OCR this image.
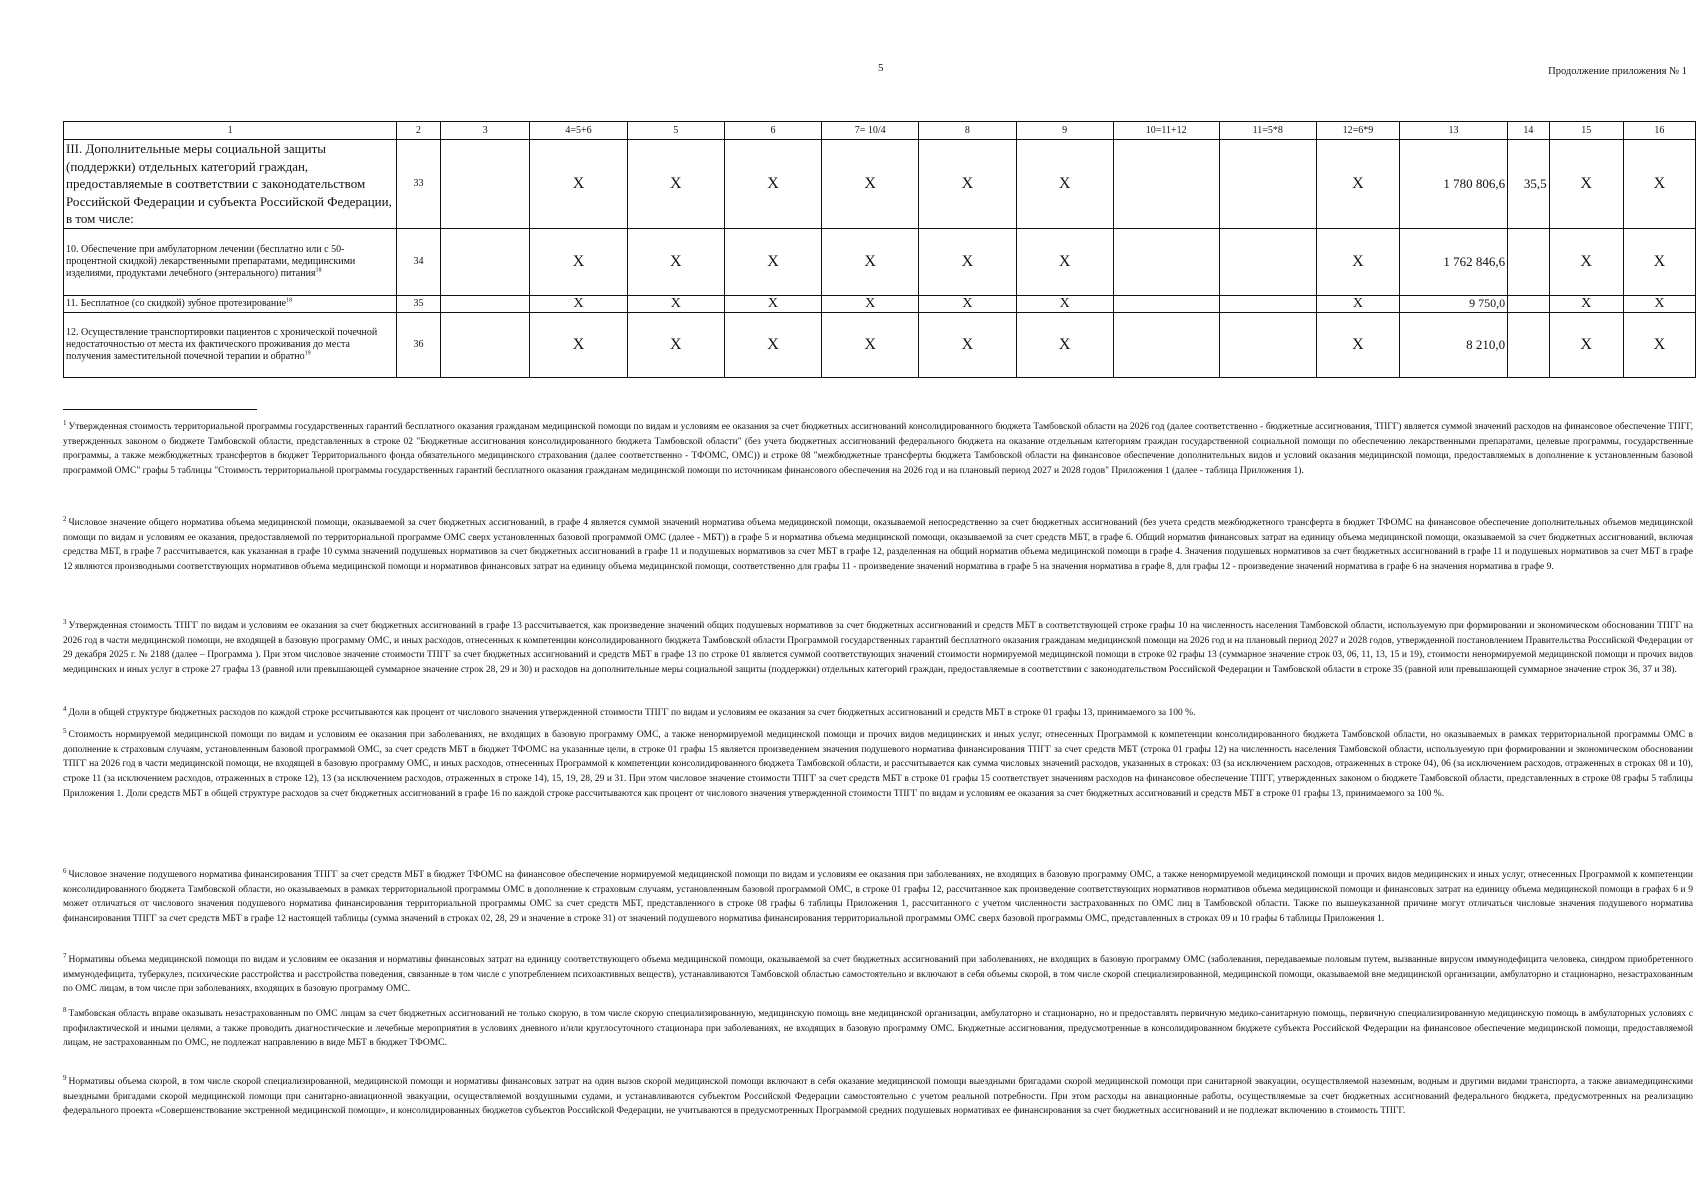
5	Продолжение приложения № 1
1	2	3	4=5+6	5	6	7= 10/4	8	9	10=11+12	11=5*8	12=6*9	13	14	15	16
III. Дополнительные меры социальной защиты (поддержки) отдельных категорий граждан, предоставляемые в соответствии с законодательством Российской Федерации и субъекта Российской Федерации, в том числе:	33		X	X	X	X	X	X			X	1 780 806,6	35,5	X	X
10. Обеспечение при амбулаторном лечении (бесплатно или с 50-процентной скидкой) лекарственными препаратами, медицинскими изделиями, продуктами лечебного (энтерального) питания$^{18}$	34		X	X	X	X	X	X			X	1 762 846,6		X	X
11. Бесплатное (со скидкой) зубное протезирование$^{18}$	35		X	X	X	X	X	X			X	9 750,0		X	X
12. Осуществление транспортировки пациентов с хронической почечной недостаточностью от места их фактического проживания до места получения заместительной почечной терапии и обратно$^{19}$	36		X	X	X	X	X	X			X	8 210,0		X	X

$^1$ Утвержденная стоимость территориальной программы государственных гарантий бесплатного оказания гражданам медицинской помощи по видам и условиям ее оказания за счет бюджетных ассигнований консолидированного бюджета Тамбовской области на 2026 год (далее соответственно - бюджетные ассигнования, ТПГГ) является суммой значений расходов на финансовое обеспечение ТПГГ, утвержденных законом о бюджете Тамбовской области, представленных в строке 02 "Бюджетные ассигнования консолидированного бюджета Тамбовской области" (без учета бюджетных ассигнований федерального бюджета на оказание отдельным категориям граждан государственной социальной помощи по обеспечению лекарственными препаратами, целевые программы, государственные программы, а также межбюджетных трансфертов в бюджет Территориального фонда обязательного медицинского страхования (далее соответственно - ТФОМС, ОМС)) и строке 08 "межбюджетные трансферты бюджета Тамбовской области на финансовое обеспечение дополнительных видов и условий оказания медицинской помощи, предоставляемых в дополнение к установленным базовой программой ОМС" графы 5 таблицы "Стоимость территориальной программы государственных гарантий бесплатного оказания гражданам медицинской помощи по источникам финансового обеспечения на 2026 год и на плановый период 2027 и 2028 годов" Приложения 1 (далее - таблица Приложения 1).

$^2$ Числовое значение общего норматива объема медицинской помощи, оказываемой за счет бюджетных ассигнований, в графе 4 является суммой значений норматива объема медицинской помощи, оказываемой непосредственно за счет бюджетных ассигнований (без учета средств межбюджетного трансферта в бюджет ТФОМС на финансовое обеспечение дополнительных объемов медицинской помощи по видам и условиям ее оказания, предоставляемой по территориальной программе ОМС сверх установленных базовой программой ОМС (далее - МБТ)) в графе 5 и норматива объема медицинской помощи, оказываемой за счет средств МБТ, в графе 6. Общий норматив финансовых затрат на единицу объема медицинской помощи, оказываемой за счет бюджетных ассигнований, включая средства МБТ, в графе 7 рассчитывается, как указанная в графе 10 сумма значений подушевых нормативов за счет бюджетных ассигнований в графе 11 и подушевых нормативов за счет МБТ в графе 12, разделенная на общий норматив объема медицинской помощи в графе 4. Значения подушевых нормативов за счет бюджетных ассигнований в графе 11 и подушевых нормативов за счет МБТ в графе 12 являются производными соответствующих нормативов объема медицинской помощи и нормативов финансовых затрат на единицу объема медицинской помощи, соответственно для графы 11 - произведение значений норматива в графе 5 на значения норматива в графе 8, для графы 12 - произведение значений норматива в графе 6 на значения норматива в графе 9.

$^3$ Утвержденная стоимость ТПГГ по видам и условиям ее оказания за счет бюджетных ассигнований в графе 13 рассчитывается, как произведение значений общих подушевых нормативов за счет бюджетных ассигнований и средств МБТ в соответствующей строке графы 10 на численность населения Тамбовской области, используемую при формировании и экономическом обосновании ТПГГ на 2026 год в части медицинской помощи, не входящей в базовую программу ОМС, и иных расходов, отнесенных к компетенции консолидированного бюджета Тамбовской области Программой государственных гарантий бесплатного оказания гражданам медицинской помощи на 2026 год и на плановый период 2027 и 2028 годов, утвержденной постановлением Правительства Российской Федерации от 29 декабря 2025 г. № 2188 (далее – Программа ). При этом числовое значение стоимости ТПГГ за счет бюджетных ассигнований и средств МБТ в графе 13 по строке 01 является суммой соответствующих значений стоимости нормируемой медицинской помощи в строке 02 графы 13 (суммарное значение строк 03, 06, 11, 13, 15 и 19), стоимости ненормируемой медицинской помощи и прочих видов медицинских и иных услуг в строке 27 графы 13 (равной или превышающей суммарное значение строк 28, 29 и 30) и расходов на дополнительные меры социальной защиты (поддержки) отдельных категорий граждан, предоставляемые в соответствии с законодательством Российской Федерации и Тамбовской области в строке 35 (равной или превышающей суммарное значение строк 36, 37 и 38).

$^4$ Доли в общей структуре бюджетных расходов по каждой строке рссчитываются как процент от числового значения утвержденной стоимости ТПГГ по видам и условиям ее оказания за счет бюджетных ассигнований и средств МБТ в строке 01 графы 13, принимаемого за 100 %.

$^5$ Стоимость нормируемой медицинской помощи по видам и условиям ее оказания при заболеваниях, не входящих в базовую программу ОМС, а также ненормируемой медицинской помощи и прочих видов медицинских и иных услуг, отнесенных Программой к компетенции консолидированного бюджета Тамбовской области, но оказываемых в рамках территориальной программы ОМС в дополнение к страховым случаям, установленным базовой программой ОМС, за счет средств МБТ в бюджет ТФОМС на указанные цели, в строке 01 графы 15 является произведением значения подушевого норматива финансирования ТПГГ за счет средств МБТ (строка 01 графы 12) на численность населения Тамбовской области, используемую при формировании и экономическом обосновании ТПГГ на 2026 год в части медицинской помощи, не входящей в базовую программу ОМС, и иных расходов, отнесенных Программой к компетенции консолидированного бюджета Тамбовской области, и рассчитывается как сумма числовых значений расходов, указанных в строках: 03 (за исключением расходов, отраженных в строке 04), 06 (за исключением расходов, отраженных в строках 08 и 10), строке 11 (за исключением расходов, отраженных в строке 12), 13 (за исключением расходов, отраженных в строке 14), 15, 19, 28, 29 и 31. При этом числовое значение стоимости ТПГГ за счет средств МБТ в строке 01 графы 15 соответствует значениям расходов на финансовое обеспечение ТПГГ, утвержденных законом о бюджете Тамбовской области, представленных в строке 08 графы 5 таблицы Приложения 1. Доли средств МБТ в общей структуре расходов за счет бюджетных ассигнований в графе 16 по каждой строке рассчитываются как процент от числового значения утвержденной стоимости ТПГГ по видам и условиям ее оказания за счет бюджетных ассигнований и средств МБТ в строке 01 графы 13, принимаемого за 100 %.

$^6$ Числовое значение подушевого норматива финансирования ТПГГ за счет средств МБТ в бюджет ТФОМС на финансовое обеспечение нормируемой медицинской помощи по видам и условиям ее оказания при заболеваниях, не входящих в базовую программу ОМС, а также ненормируемой медицинской помощи и прочих видов медицинских и иных услуг, отнесенных Программой к компетенции консолидированного бюджета Тамбовской области, но оказываемых в рамках территориальной программы ОМС в дополнение к страховым случаям, установленным базовой программой ОМС, в строке 01 графы 12, рассчитанное как произведение соответствующих нормативов нормативов объема медицинской помощи и финансовых затрат на единицу объема медицинской помощи в графах 6 и 9 может отличаться от числового значения подушевого норматива финансирования территориальной программы ОМС за счет средств МБТ, представленного в строке 08 графы 6 таблицы Приложения 1, рассчитанного с учетом численности застрахованных по ОМС лиц в Тамбовской области. Также по вышеуказанной причине могут отличаться числовые значения подушевого норматива финансирования ТПГГ за счет средств МБТ в графе 12 настоящей таблицы (сумма значений в строках 02, 28, 29 и значение в строке 31) от значений подушевого норматива финансирования территориальной программы ОМС сверх базовой программы ОМС, представленных в строках 09 и 10 графы 6 таблицы Приложения 1.

$^7$ Нормативы объема медицинской помощи по видам и условиям ее оказания и нормативы финансовых затрат на единицу соответствующего объема медицинской помощи, оказываемой за счет бюджетных ассигнований при заболеваниях, не входящих в базовую программу ОМС (заболевания, передаваемые половым путем, вызванные вирусом иммунодефицита человека, синдром приобретенного иммунодефицита, туберкулез, психические расстройства и расстройства поведения, связанные в том числе с употреблением психоактивных веществ), устанавливаются Тамбовской областью самостоятельно и включают в себя объемы скорой, в том числе скорой специализированной, медицинской помощи, оказываемой вне медицинской организации, амбулаторно и стационарно, незастрахованным по ОМС лицам, в том числе при заболеваниях, входящих в базовую программу ОМС.

$^8$ Тамбовская область вправе оказывать незастрахованным по ОМС лицам за счет бюджетных ассигнований не только скорую, в том числе скорую специализированную, медицинскую помощь вне медицинской организации, амбулаторно и стационарно, но и предоставлять первичную медико-санитарную помощь, первичную специализированную медицинскую помощь в амбулаторных условиях с профилактической и иными целями, а также проводить диагностические и лечебные мероприятия в условиях дневного и/или круглосуточного стационара при заболеваниях, не входящих в базовую программу ОМС. Бюджетные ассигнования, предусмотренные в консолидированном бюджете субъекта Российской Федерации на финансовое обеспечение медицинской помощи, предоставляемой лицам, не застрахованным по ОМС, не подлежат направлению в виде МБТ в бюджет ТФОМС.

$^9$ Нормативы объема скорой, в том числе скорой специализированной, медицинской помощи и нормативы финансовых затрат на один вызов скорой медицинской помощи включают в себя оказание медицинской помощи выездными бригадами скорой медицинской помощи при санитарной эвакуации, осуществляемой наземным, водным и другими видами транспорта, а также авиамедицинскими выездными бригадами скорой медицинской помощи при санитарно-авиационной эвакуации, осуществляемой воздушными судами, и устанавливаются субъектом Российской Федерации самостоятельно с учетом реальной потребности. При этом расходы на авиационные работы, осуществляемые за счет бюджетных ассигнований федерального бюджета, предусмотренных на реализацию федерального проекта «Совершенствование экстренной медицинской помощи», и консолидированных бюджетов субъектов Российской Федерации, не учитываются в предусмотренных Программой средних подушевых нормативах ее финансирования за счет бюджетных ассигнований и не подлежат включению в стоимость ТПГГ.
